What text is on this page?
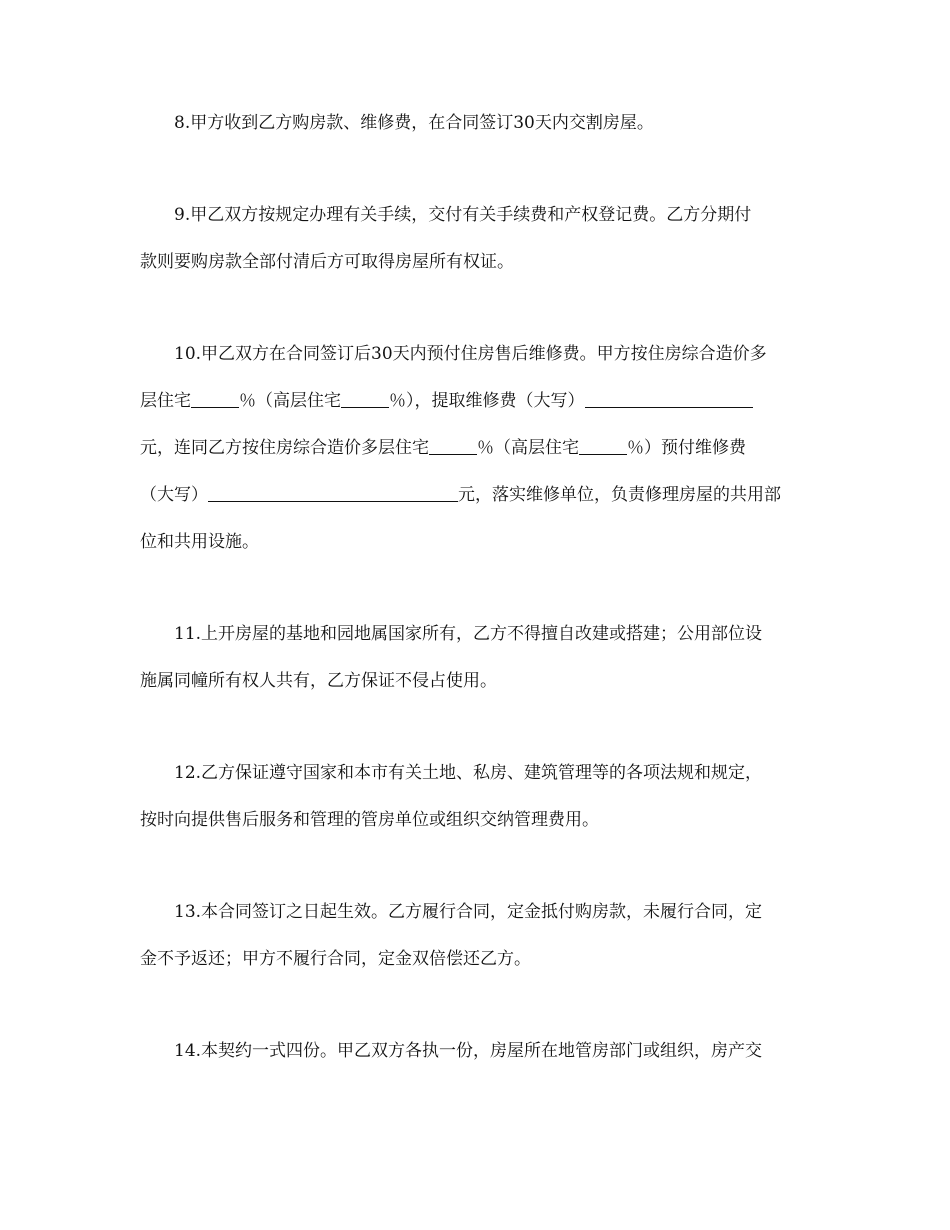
8.甲方收到乙方购房款、维修费，在合同签订30天内交割房屋。

9.甲乙双方按规定办理有关手续，交付有关手续费和产权登记费。乙方分期付
款则要购房款全部付清后方可取得房屋所有权证。

10.甲乙双方在合同签订后30天内预付住房售后维修费。甲方按住房综合造价多
层住宅	％（高层住宅	％），提取维修费（大写）
元，连同乙方按住房综合造价多层住宅	％（高层住宅	％）预付维修费
（大写）	元，落实维修单位，负责修理房屋的共用部
位和共用设施。

11.上开房屋的基地和园地属国家所有，乙方不得擅自改建或搭建；公用部位设
施属同幢所有权人共有，乙方保证不侵占使用。

12.乙方保证遵守国家和本市有关土地、私房、建筑管理等的各项法规和规定，
按时向提供售后服务和管理的管房单位或组织交纳管理费用。

13.本合同签订之日起生效。乙方履行合同，定金抵付购房款，未履行合同，定
金不予返还；甲方不履行合同，定金双倍偿还乙方。

14.本契约一式四份。甲乙双方各执一份，房屋所在地管房部门或组织，房产交
